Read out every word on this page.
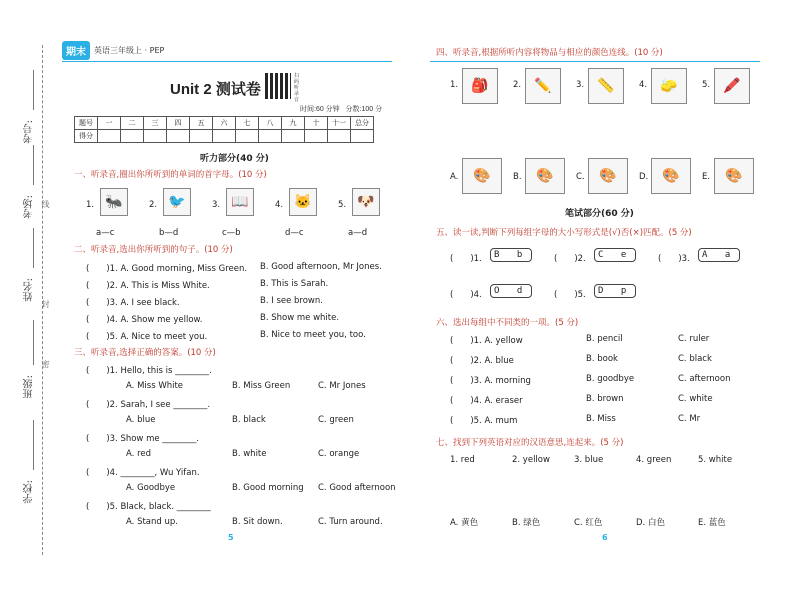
考号:
考场:
姓名:
班级:
学校:
线
封
密
期末	英语三年级上 · PEP
Unit 2 测试卷
扫码听录音
时间:60 分钟 分数:100 分
题号	一	二	三	四	五	六	七	八	九	十	十一	总分
得分												
听力部分(40 分)
一、听录音,圈出你所听到的单词的首字母。(10 分)
1. 🐜
a—c
2. 🐦
b—d
3. 📖
c—b
4. 🐱
d—c
5. 🐶
a—d
二、听录音,选出你所听到的句子。(10 分)
(　　)1. A. Good morning, Miss Green. B. Good afternoon, Mr Jones.
(　　)2. A. This is Miss White.	B. This is Sarah.
(　　)3. A. I see black.	B. I see brown.
(　　)4. A. Show me yellow.	B. Show me white.
(　　)5. A. Nice to meet you.	B. Nice to meet you, too.
三、听录音,选择正确的答案。(10 分)
(　　)1. Hello, this is ________.
A. Miss White	B. Miss Green	C. Mr Jones
(　　)2. Sarah, I see ________.
A. blue	B. black	C. green
(　　)3. Show me ________.
A. red	B. white	C. orange
(　　)4. ________, Wu Yifan.
A. Goodbye	B. Good morning C. Good afternoon
(　　)5. Black, black. ________
A. Stand up.	B. Sit down.	C. Turn around.
四、听录音,根据所听内容将物品与相应的颜色连线。(10 分)
1. 🎒	2. ✏️	3. 📏	4. 🧽	5. 🖍️
A.	🎨	B.	🎨	C.	🎨	D.	🎨	E.	🎨
笔试部分(60 分)
五、读一读,判断下列每组字母的大小写形式是(√)否(×)匹配。(5 分)
(　　)1.	B b	(　　)2.	C e	(　　)3.	A a
(　　)4.	O d	(　　)5.	D p
六、选出每组中不同类的一项。(5 分)
(　　)1. A. yellow	B. pencil	C. ruler
(　　)2. A. blue	B. book	C. black
(　　)3. A. morning	B. goodbye	C. afternoon
(　　)4. A. eraser	B. brown	C. white
(　　)5. A. mum	B. Miss	C. Mr
七、找到下列英语对应的汉语意思,连起来。(5 分)
1. red	2. yellow	3. blue	4. green	5. white
A. 黄色	B. 绿色	C. 红色	D. 白色	E. 蓝色
5	6
